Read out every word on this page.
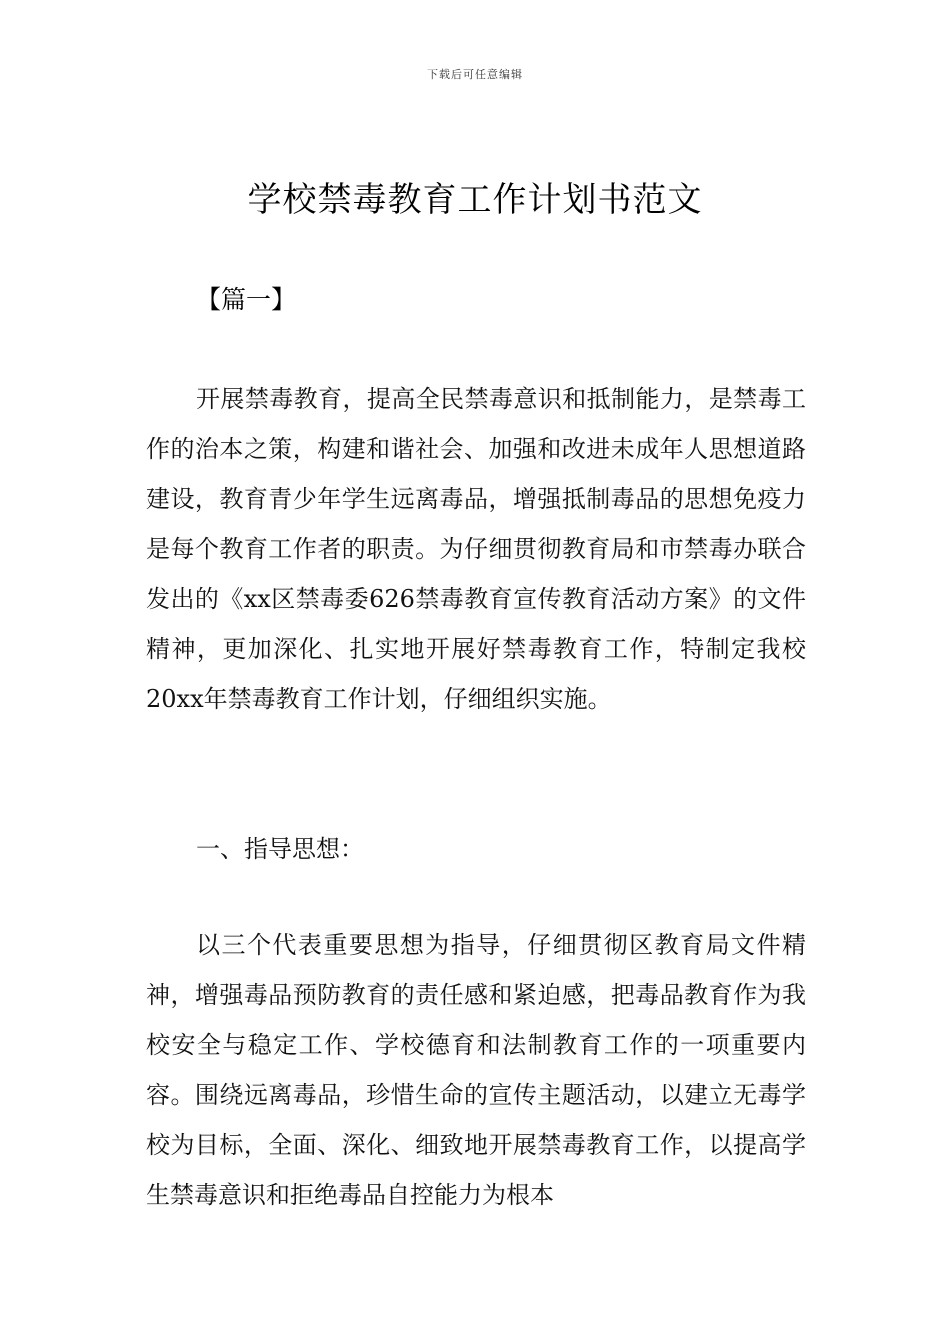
下载后可任意编辑
学校禁毒教育工作计划书范文
【篇一】

开展禁毒教育，提高全民禁毒意识和抵制能力，是禁毒工作的治本之策，构建和谐社会、加强和改进未成年人思想道路建设，教育青少年学生远离毒品，增强抵制毒品的思想免疫力是每个教育工作者的职责。为仔细贯彻教育局和市禁毒办联合发出的《xx区禁毒委626禁毒教育宣传教育活动方案》的文件精神，更加深化、扎实地开展好禁毒教育工作，特制定我校20xx年禁毒教育工作计划，仔细组织实施。

一、指导思想：

以三个代表重要思想为指导，仔细贯彻区教育局文件精神，增强毒品预防教育的责任感和紧迫感，把毒品教育作为我校安全与稳定工作、学校德育和法制教育工作的一项重要内容。围绕远离毒品，珍惜生命的宣传主题活动，以建立无毒学校为目标，全面、深化、细致地开展禁毒教育工作，以提高学生禁毒意识和拒绝毒品自控能力为根本
